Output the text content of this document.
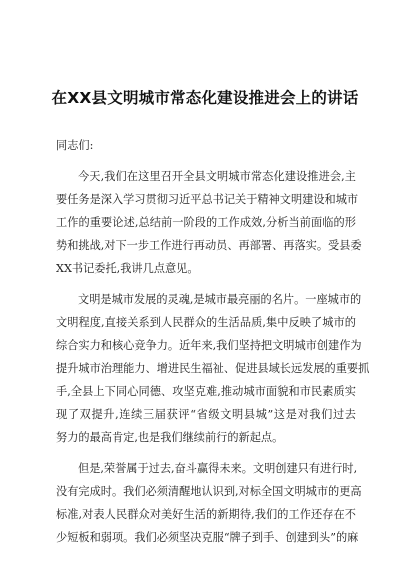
在XX县文明城市常态化建设推进会上的讲话
同志们:
今天,我们在这里召开全县文明城市常态化建设推进会,主
要任务是深入学习贯彻习近平总书记关于精神文明建设和城市
工作的重要论述,总结前一阶段的工作成效,分析当前面临的形
势和挑战,对下一步工作进行再动员、再部署、再落实。受县委
XX书记委托,我讲几点意见。
文明是城市发展的灵魂,是城市最亮丽的名片。一座城市的
文明程度,直接关系到人民群众的生活品质,集中反映了城市的
综合实力和核心竞争力。近年来,我们坚持把文明城市创建作为
提升城市治理能力、增进民生福祉、促进县域长远发展的重要抓
手,全县上下同心同德、攻坚克难,推动城市面貌和市民素质实
现了双提升,连续三届获评“省级文明县城”这是对我们过去
努力的最高肯定,也是我们继续前行的新起点。
但是,荣誉属于过去,奋斗赢得未来。文明创建只有进行时,
没有完成时。我们必须清醒地认识到,对标全国文明城市的更高
标准,对表人民群众对美好生活的新期待,我们的工作还存在不
少短板和弱项。我们必须坚决克服“牌子到手、创建到头”的麻
